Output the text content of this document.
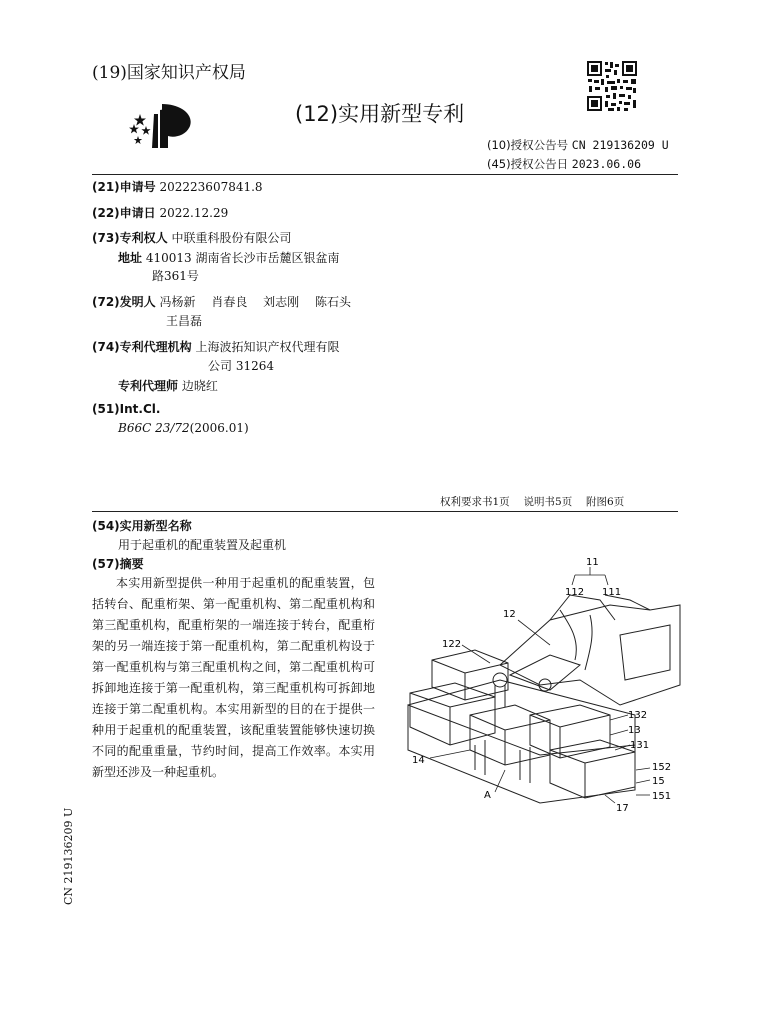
(19)国家知识产权局
(12)实用新型专利
(10)授权公告号 CN 219136209 U
(45)授权公告日 2023.06.06
(21)申请号 202223607841.8
(22)申请日 2022.12.29
(73)专利权人 中联重科股份有限公司
地址 410013 湖南省长沙市岳麓区银盆南
路361号
(72)发明人 冯杨新　 肖春良　 刘志刚　 陈石头
王昌磊
(74)专利代理机构 上海波拓知识产权代理有限
公司 31264
专利代理师 边晓红
(51)Int.Cl.
B66C 23/72(2006.01)
权利要求书1页　 说明书5页　 附图6页
(54)实用新型名称
用于起重机的配重装置及起重机
(57)摘要
本实用新型提供一种用于起重机的配重装置，包括转台、配重桁架、第一配重机构、第二配重机构和第三配重机构，配重桁架的一端连接于转台，配重桁架的另一端连接于第一配重机构，第二配重机构设于第一配重机构与第三配重机构之间，第二配重机构可拆卸地连接于第一配重机构，第三配重机构可拆卸地连接于第二配重机构。本实用新型的目的在于提供一种用于起重机的配重装置，该配重装置能够快速切换不同的配重重量，节约时间，提高工作效率。本实用新型还涉及一种起重机。
CN 219136209 U
11
112 111
12
122
132
13
131
14
152
15
A	151
17
